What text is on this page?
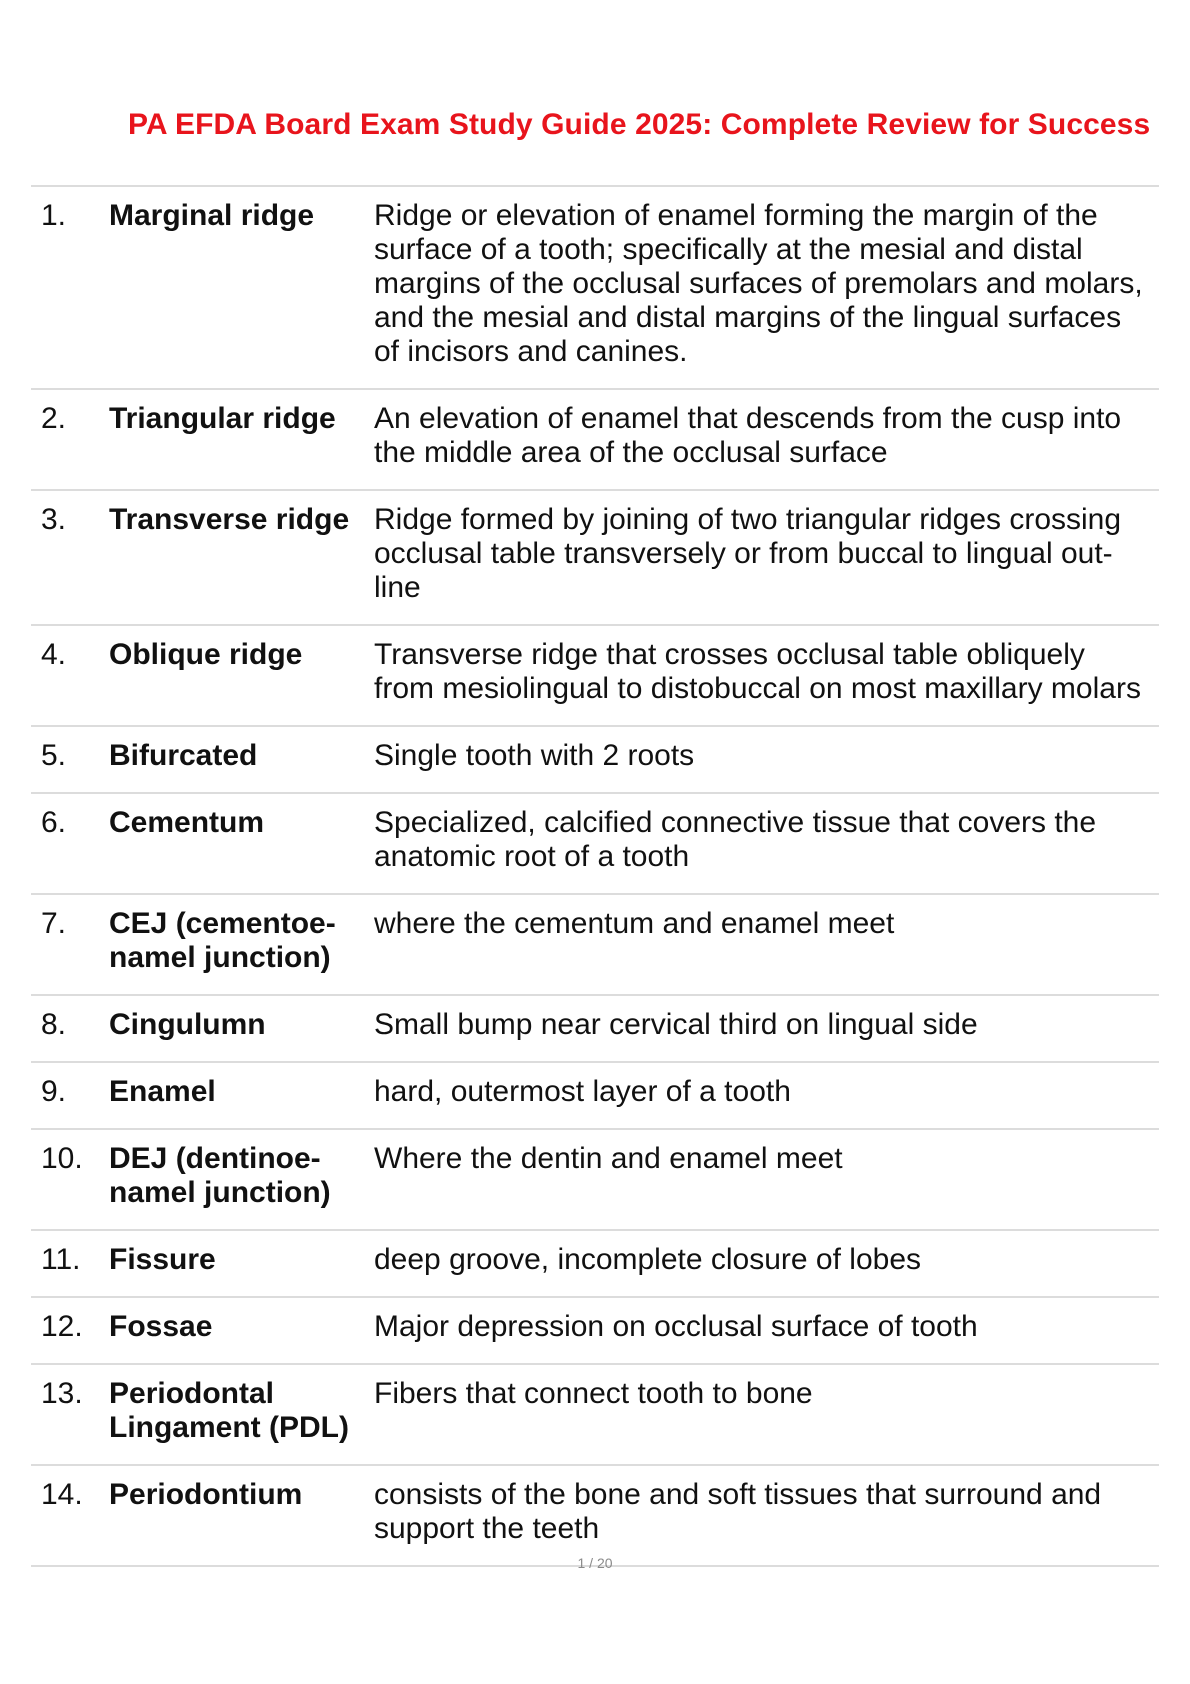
PA EFDA Board Exam Study Guide 2025: Complete Review for Success
1.	Marginal ridge	Ridge or elevation of enamel forming the margin of the surface of a tooth; specifically at the mesial and distal margins of the occlusal surfaces of premolars and molars, and the mesial and distal margins of the lingual surfaces of incisors and canines.
2.	Triangular ridge	An elevation of enamel that descends from the cusp into the middle area of the occlusal surface
3.	Transverse ridge	Ridge formed by joining of two triangular ridges crossing occlusal table transversely or from buccal to lingual out-line
4.	Oblique ridge	Transverse ridge that crosses occlusal table obliquely from mesiolingual to distobuccal on most maxillary molars
5.	Bifurcated	Single tooth with 2 roots
6.	Cementum	Specialized, calcified connective tissue that covers the anatomic root of a tooth
7.	CEJ (cementoe-namel junction)	where the cementum and enamel meet
8.	Cingulumn	Small bump near cervical third on lingual side
9.	Enamel	hard, outermost layer of a tooth
10.	DEJ (dentinoe-namel junction)	Where the dentin and enamel meet
11.	Fissure	deep groove, incomplete closure of lobes
12.	Fossae	Major depression on occlusal surface of tooth
13.	Periodontal Lingament (PDL)	Fibers that connect tooth to bone
14.	Periodontium	consists of the bone and soft tissues that surround and support the teeth

1 / 20
